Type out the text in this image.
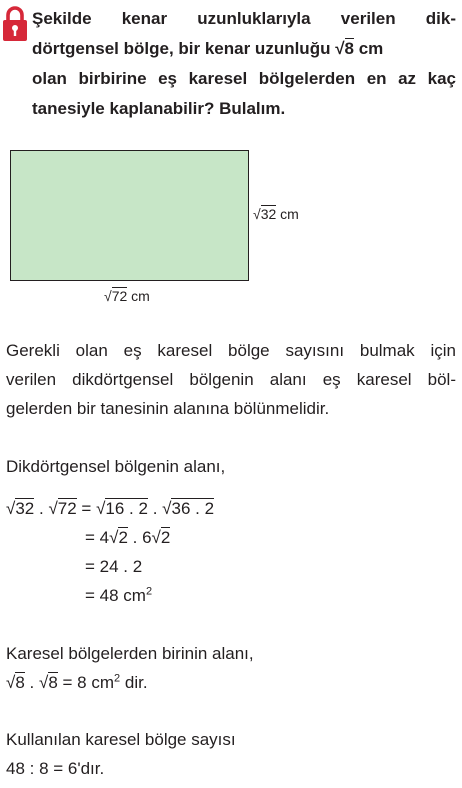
Şekilde kenar uzunluklarıyla verilen dik-
dörtgensel bölge, bir kenar uzunluğu √8 cm
olan birbirine eş karesel bölgelerden en az kaç
tanesiyle kaplanabilir? Bulalım.
√32 cm
√72 cm
Gerekli olan eş karesel bölge sayısını bulmak için
verilen dikdörtgensel bölgenin alanı eş karesel böl-
gelerden bir tanesinin alanına bölünmelidir.
Dikdörtgensel bölgenin alanı,
√32 . √72 = √16 . 2 . √36 . 2
= 4√2 . 6√2
= 24 . 2
= 48 $cm^2$
Karesel bölgelerden birinin alanı,
√8 . √8 = 8 $cm^2$ dir.
Kullanılan karesel bölge sayısı
48 : 8 = 6'dır.
